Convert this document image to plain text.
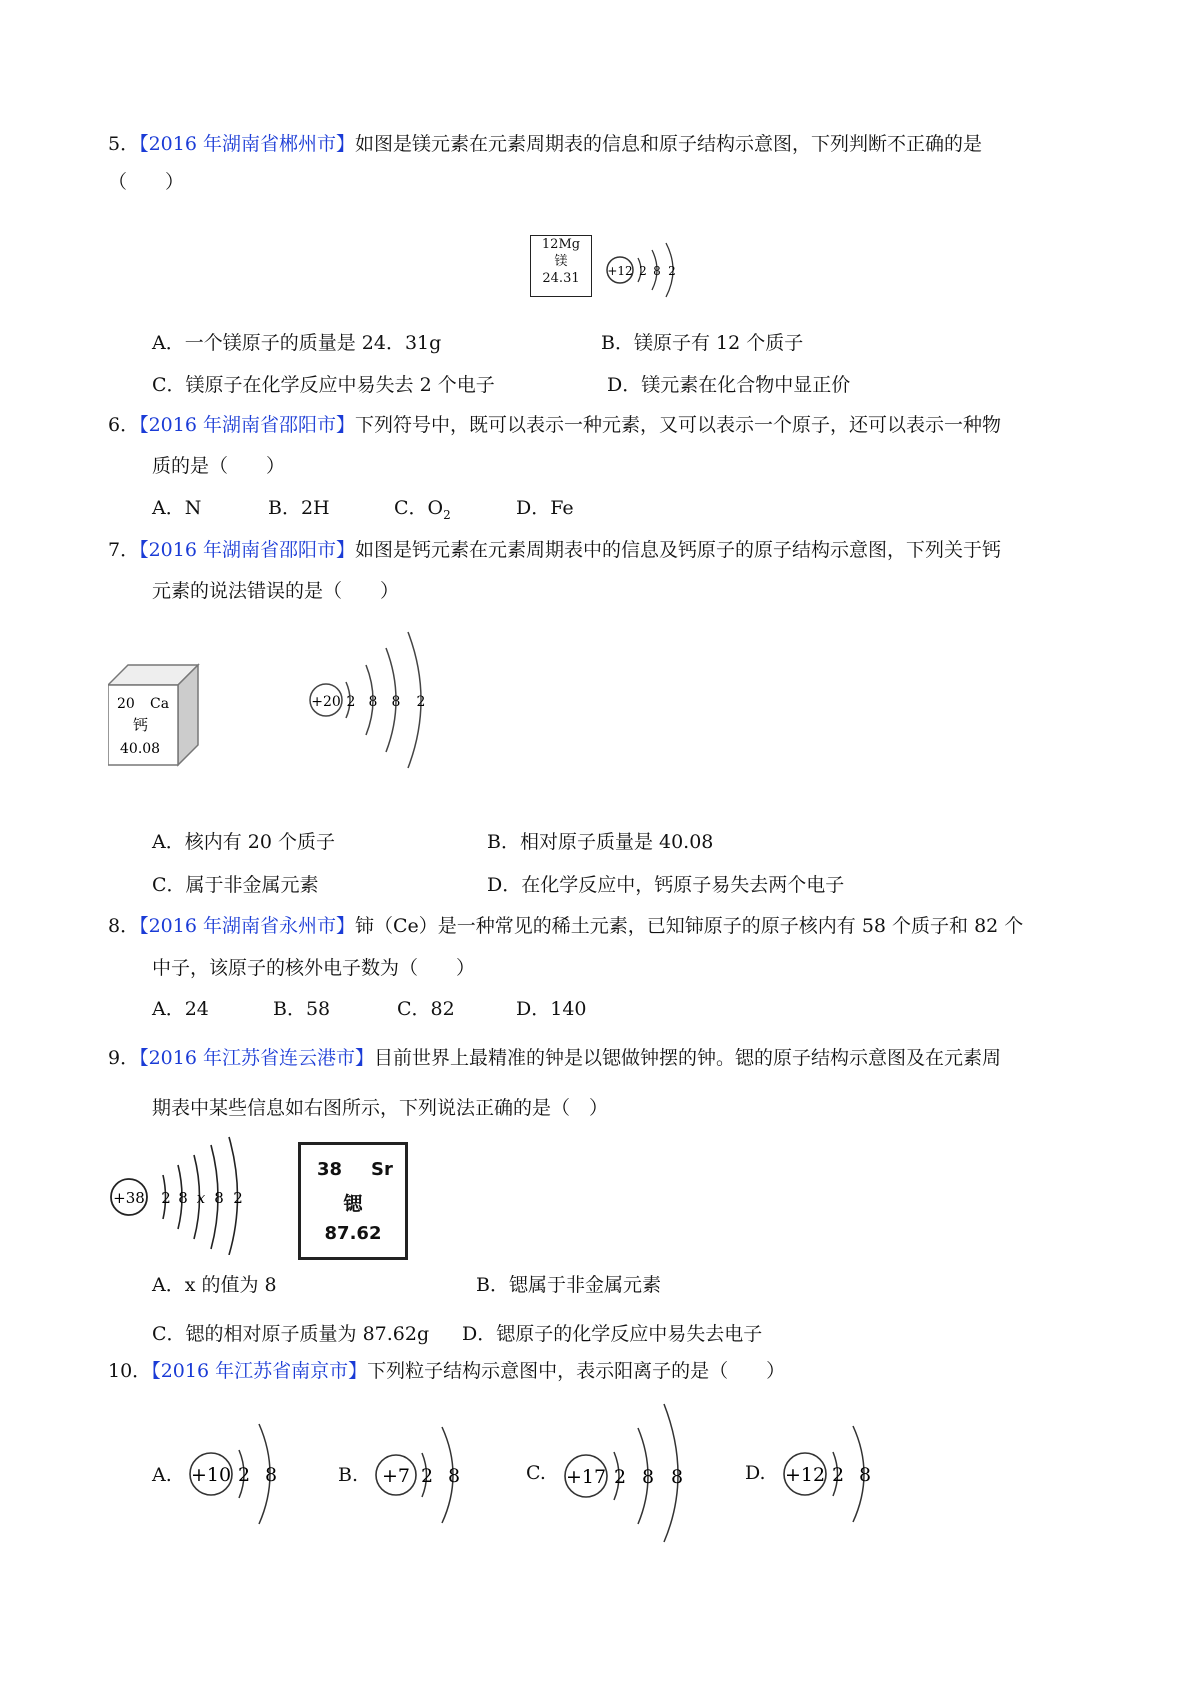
5．【2016 年湖南省郴州市】如图是镁元素在元素周期表的信息和原子结构示意图，下列判断不正确的是
（　　）
12Mg
镁
24.31	+12 2 8 2
A．一个镁原子的质量是 24．31g	B．镁原子有 12 个质子
C．镁原子在化学反应中易失去 2 个电子	D．镁元素在化合物中显正价
6．【2016 年湖南省邵阳市】下列符号中，既可以表示一种元素，又可以表示一个原子，还可以表示一种物
质的是（　　）
A．N	B．2H	C．$O_2$	D．Fe
7．【2016 年湖南省邵阳市】如图是钙元素在元素周期表中的信息及钙原子的原子结构示意图，下列关于钙
元素的说法错误的是（　　）
20 Ca
钙
40.08
+20 2 8 8 2
A．核内有 20 个质子	B．相对原子质量是 40.08
C．属于非金属元素	D．在化学反应中，钙原子易失去两个电子
8．【2016 年湖南省永州市】铈（Ce）是一种常见的稀土元素，已知铈原子的原子核内有 58 个质子和 82 个
中子，该原子的核外电子数为（　　）
A．24	B．58	C．82	D．140
9．【2016 年江苏省连云港市】目前世界上最精准的钟是以锶做钟摆的钟。锶的原子结构示意图及在元素周
期表中某些信息如右图所示，下列说法正确的是（　）
+38 2 8 x 8 2
38 Sr
锶
87.62
A．x 的值为 8	B．锶属于非金属元素
C．锶的相对原子质量为 87.62g D．锶原子的化学反应中易失去电子
10．【2016 年江苏省南京市】下列粒子结构示意图中，表示阳离子的是（　　）
A. +10 2 8	B. +7 2 8	C. +17 2 8 8	D. +12 2 8
